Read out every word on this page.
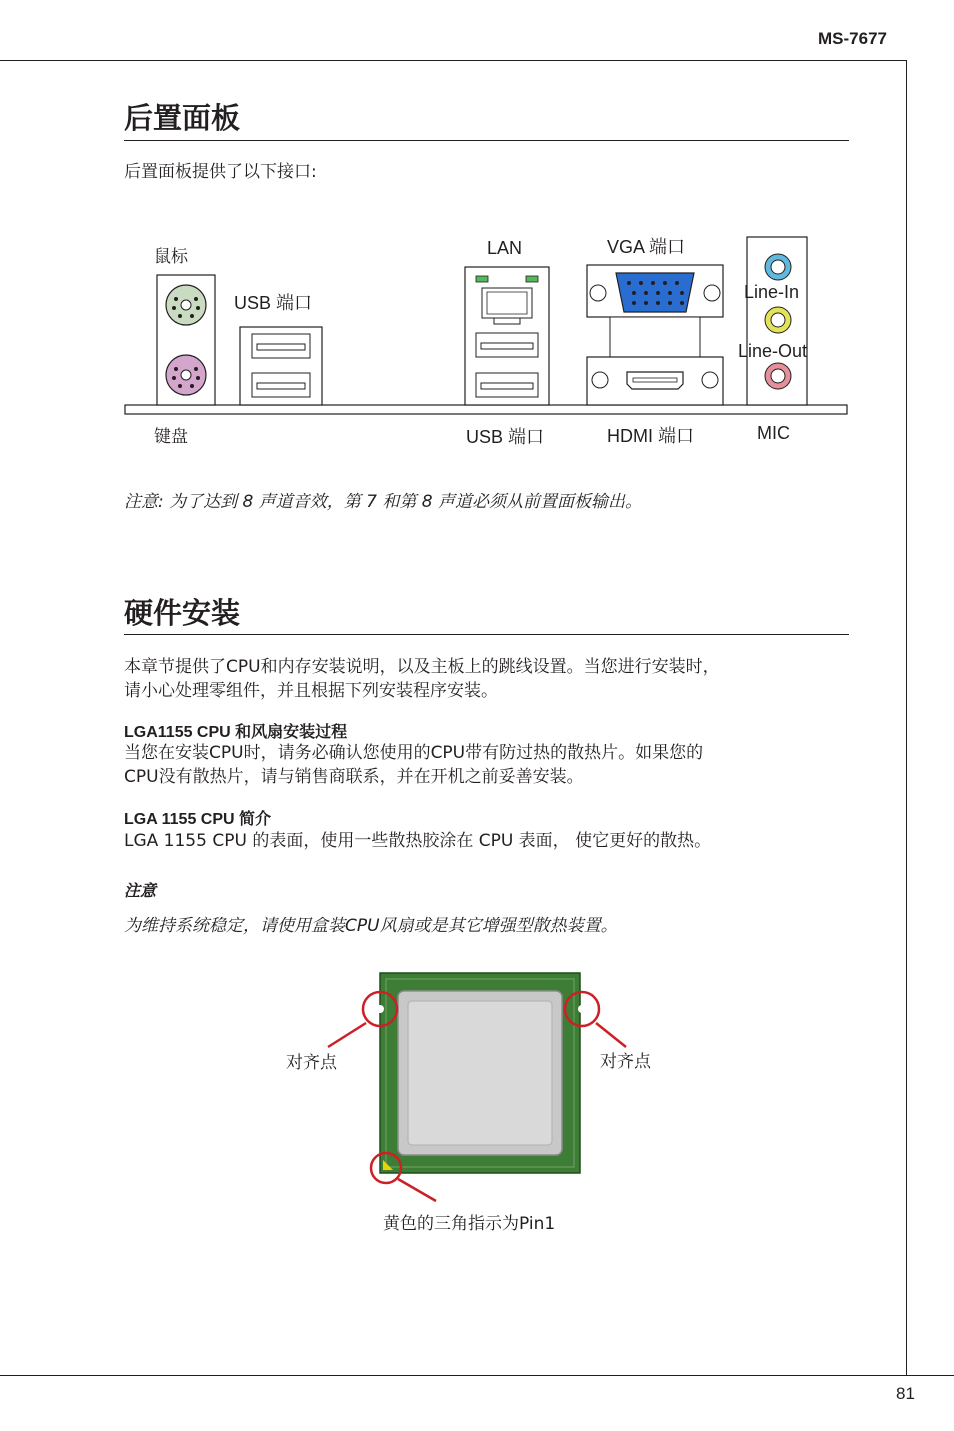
MS-7677
后置面板
后置面板提供了以下接口:
鼠标
USB 端口
LAN	VGA 端口
Line-In
Line-Out
键盘	USB 端口	HDMI 端口	MIC
注意: 为了达到 8 声道音效，第 7 和第 8 声道必须从前置面板输出。
硬件安装
本章节提供了CPU和内存安装说明，以及主板上的跳线设置。当您进行安装时，
请小心处理零组件，并且根据下列安装程序安装。
LGA1155 CPU 和风扇安装过程
当您在安装CPU时，请务必确认您使用的CPU带有防过热的散热片。如果您的
CPU没有散热片，请与销售商联系，并在开机之前妥善安装。
LGA 1155 CPU 简介
LGA 1155 CPU 的表面，使用一些散热胶涂在 CPU 表面， 使它更好的散热。
注意
为维持系统稳定，请使用盒装CPU风扇或是其它增强型散热装置。
对齐点	对齐点
黄色的三角指示为Pin1
81
